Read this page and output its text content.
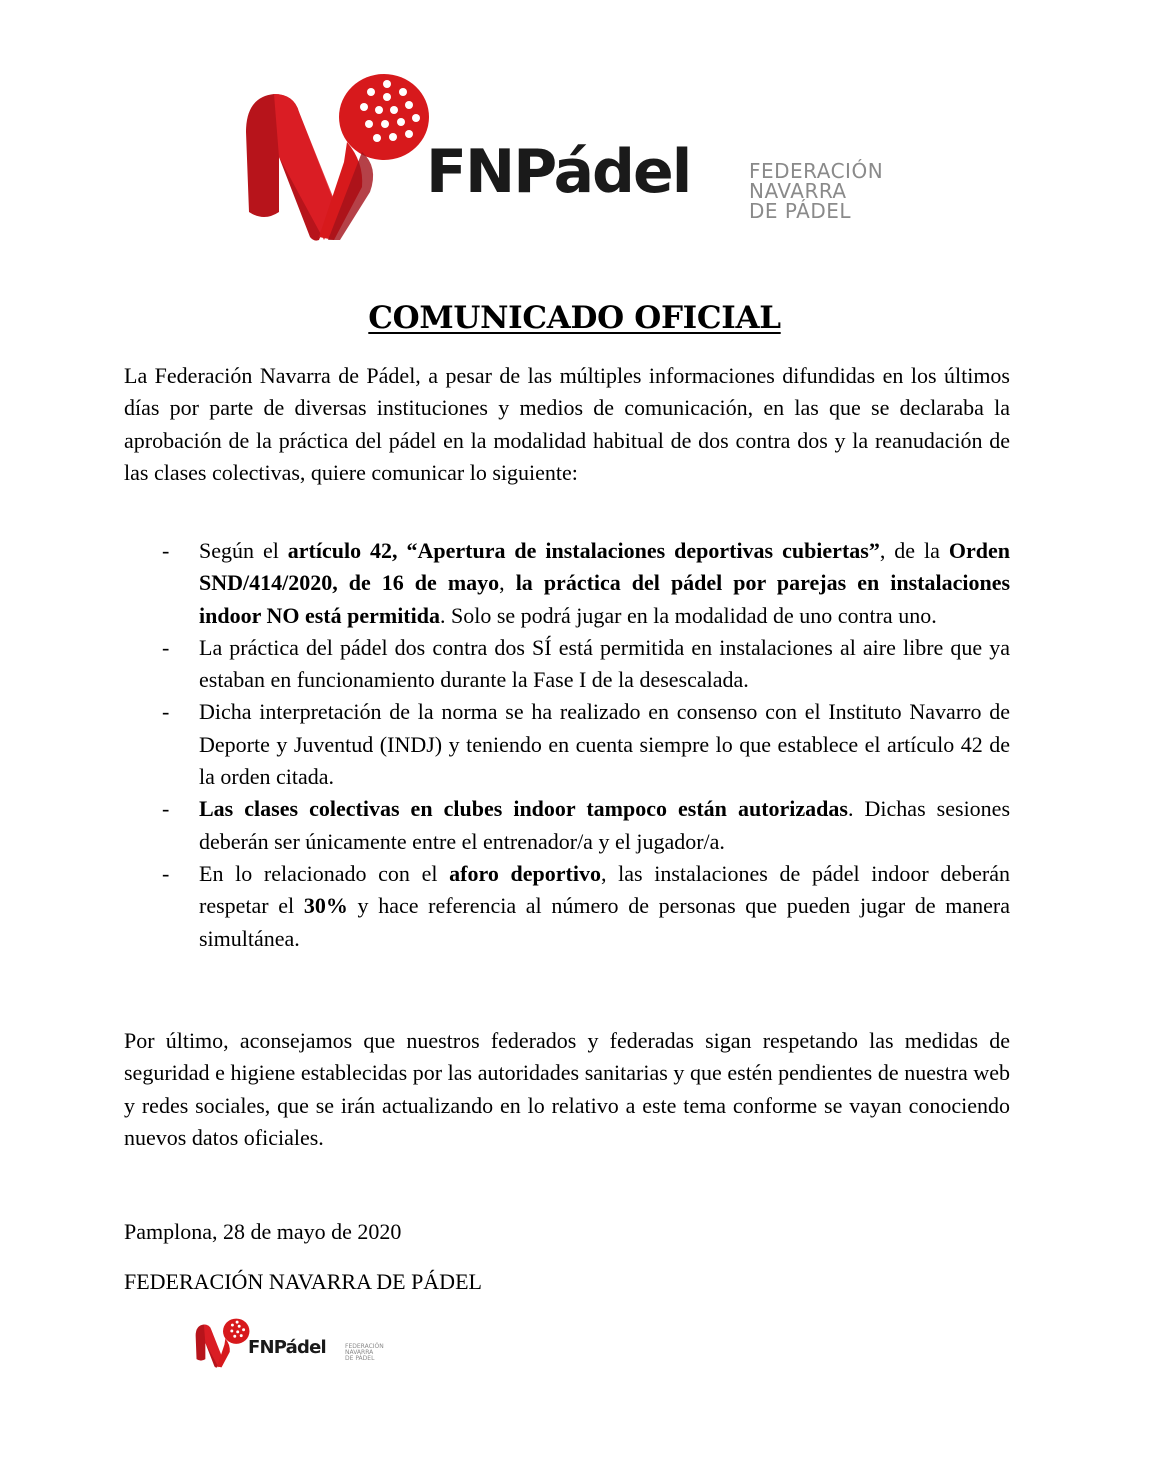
FNPádel	FEDERACIÓN
NAVARRA
DE PÁDEL
COMUNICADO OFICIAL

La Federación Navarra de Pádel, a pesar de las múltiples informaciones difundidas en los últimos días por parte de diversas instituciones y medios de comunicación, en las que se declaraba la aprobación de la práctica del pádel en la modalidad habitual de dos contra dos y la reanudación de las clases colectivas, quiere comunicar lo siguiente:

- Según el artículo 42, “Apertura de instalaciones deportivas cubiertas”, de la Orden SND/414/2020, de 16 de mayo, la práctica del pádel por parejas en instalaciones indoor NO está permitida. Solo se podrá jugar en la modalidad de uno contra uno.
- La práctica del pádel dos contra dos SÍ está permitida en instalaciones al aire libre que ya estaban en funcionamiento durante la Fase I de la desescalada.
- Dicha interpretación de la norma se ha realizado en consenso con el Instituto Navarro de Deporte y Juventud (INDJ) y teniendo en cuenta siempre lo que establece el artículo 42 de la orden citada.
- Las clases colectivas en clubes indoor tampoco están autorizadas. Dichas sesiones deberán ser únicamente entre el entrenador/a y el jugador/a.
- En lo relacionado con el aforo deportivo, las instalaciones de pádel indoor deberán respetar el 30% y hace referencia al número de personas que pueden jugar de manera simultánea.

Por último, aconsejamos que nuestros federados y federadas sigan respetando las medidas de seguridad e higiene establecidas por las autoridades sanitarias y que estén pendientes de nuestra web y redes sociales, que se irán actualizando en lo relativo a este tema conforme se vayan conociendo nuevos datos oficiales.

Pamplona, 28 de mayo de 2020
FEDERACIÓN NAVARRA DE PÁDEL
FNPádel	FEDERACIÓN
NAVARRA
DE PÁDEL
